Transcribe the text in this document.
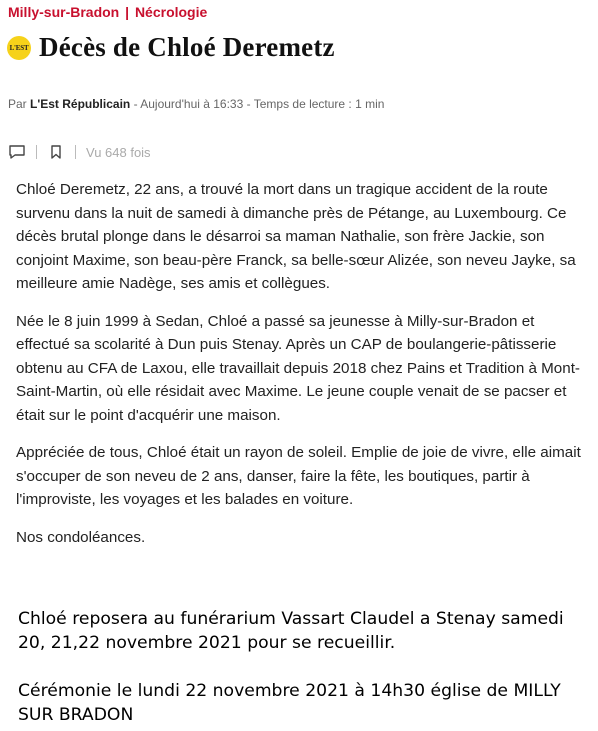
Milly-sur-Bradon | Nécrologie
L'EST Décès de Chloé Deremetz
Par L'Est Républicain - Aujourd'hui à 16:33 - Temps de lecture : 1 min
Vu 648 fois

Chloé Deremetz, 22 ans, a trouvé la mort dans un tragique accident de la route survenu dans la nuit de samedi à dimanche près de Pétange, au Luxembourg. Ce décès brutal plonge dans le désarroi sa maman Nathalie, son frère Jackie, son conjoint Maxime, son beau-père Franck, sa belle-sœur Alizée, son neveu Jayke, sa meilleure amie Nadège, ses amis et collègues.

Née le 8 juin 1999 à Sedan, Chloé a passé sa jeunesse à Milly-sur-Bradon et effectué sa scolarité à Dun puis Stenay. Après un CAP de boulangerie-pâtisserie obtenu au CFA de Laxou, elle travaillait depuis 2018 chez Pains et Tradition à Mont-Saint-Martin, où elle résidait avec Maxime. Le jeune couple venait de se pacser et était sur le point d'acquérir une maison.

Appréciée de tous, Chloé était un rayon de soleil. Emplie de joie de vivre, elle aimait s'occuper de son neveu de 2 ans, danser, faire la fête, les boutiques, partir à l'improviste, les voyages et les balades en voiture.

Nos condoléances.

Chloé reposera au funérarium Vassart Claudel a Stenay samedi 20, 21,22 novembre 2021 pour se recueillir.
Cérémonie le lundi 22 novembre 2021 à 14h30 église de MILLY SUR BRADON
